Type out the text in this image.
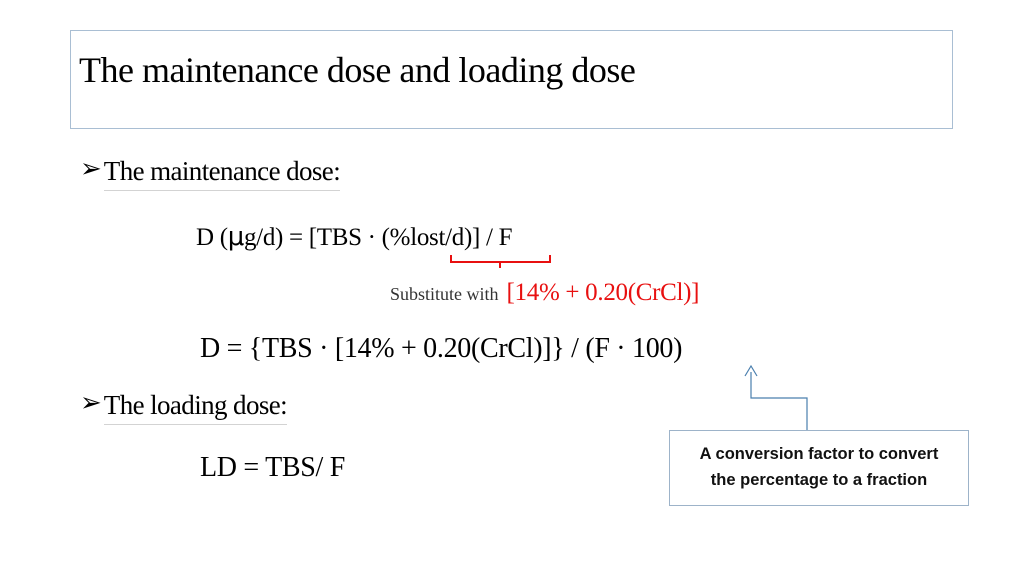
The maintenance dose and loading dose
➢ The maintenance dose:
D (μg/d) = [TBS · (%lost/d)] / F
Substitute with [14% + 0.20(CrCl)]
D = {TBS · [14% + 0.20(CrCl)]} / (F · 100)
➢ The loading dose:
LD = TBS/ F	A conversion factor to convert
the percentage to a fraction
